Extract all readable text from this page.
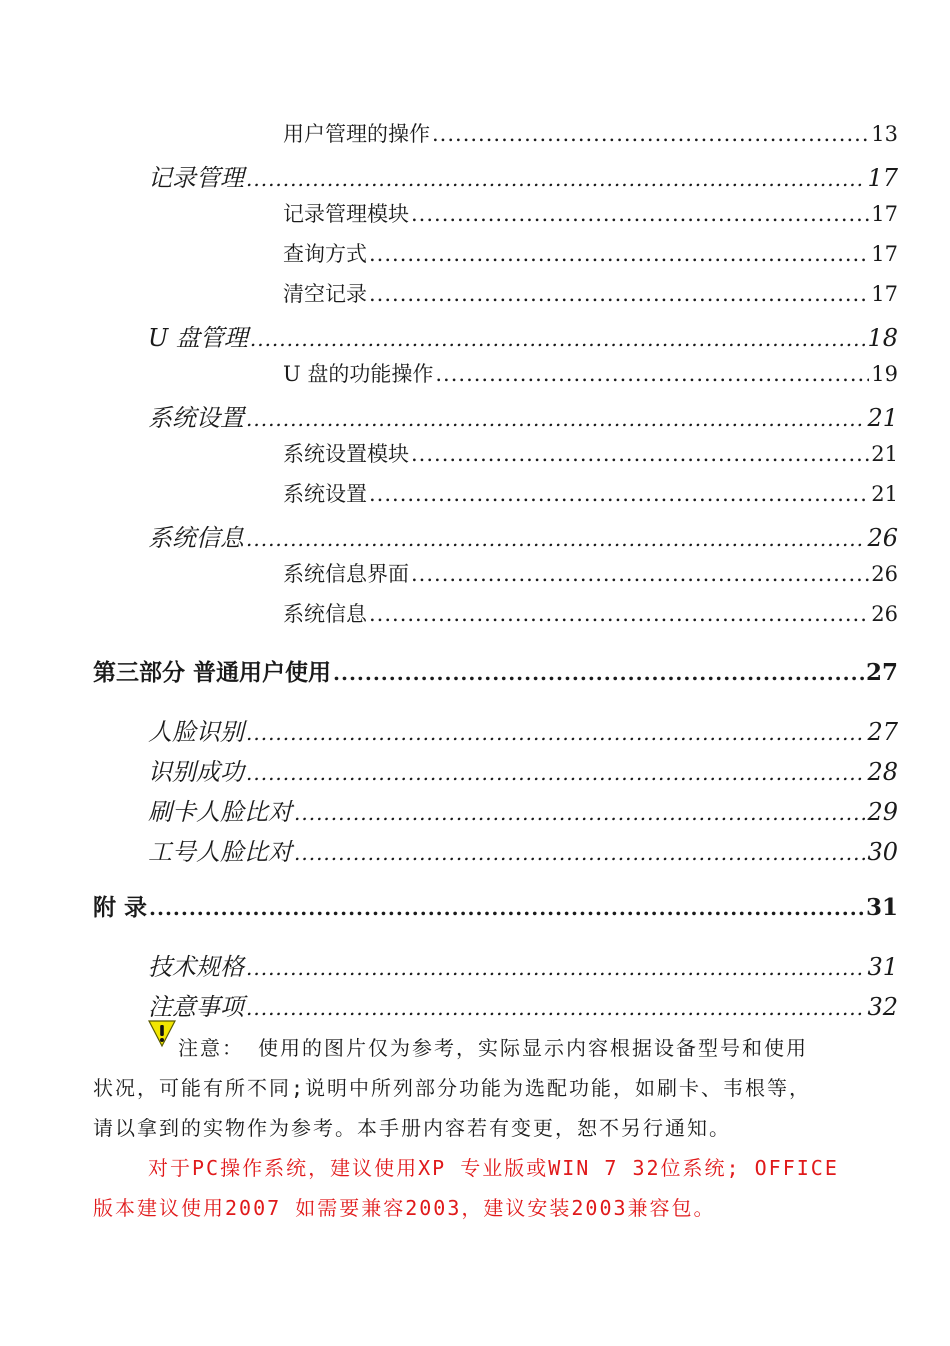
用户管理的操作 .....	13
记录管理 .....	17
记录管理模块 .....	17
查询方式 .....	17
清空记录 .....	17
U 盘管理 .....	18
U 盘的功能操作 .....	19
系统设置 .....	21
系统设置模块 .....	21
系统设置 .....	21
系统信息 .....	26
系统信息界面 .....	26
系统信息 .....	26
第三部分 普通用户使用 .....	27
人脸识别 .....	27
识别成功 .....	28
刷卡人脸比对 .....	29
工号人脸比对 .....	30
附 录 .....	31
技术规格 .....	31
注意事项 .....	32
注意： 使用的图片仅为参考，实际显示内容根据设备型号和使用
状况，可能有所不同;说明中所列部分功能为选配功能，如刷卡、韦根等，
请以拿到的实物作为参考。本手册内容若有变更，恕不另行通知。
对于PC操作系统，建议使用XP 专业版或WIN 7 32位系统; OFFICE
版本建议使用2007 如需要兼容2003，建议安装2003兼容包。
